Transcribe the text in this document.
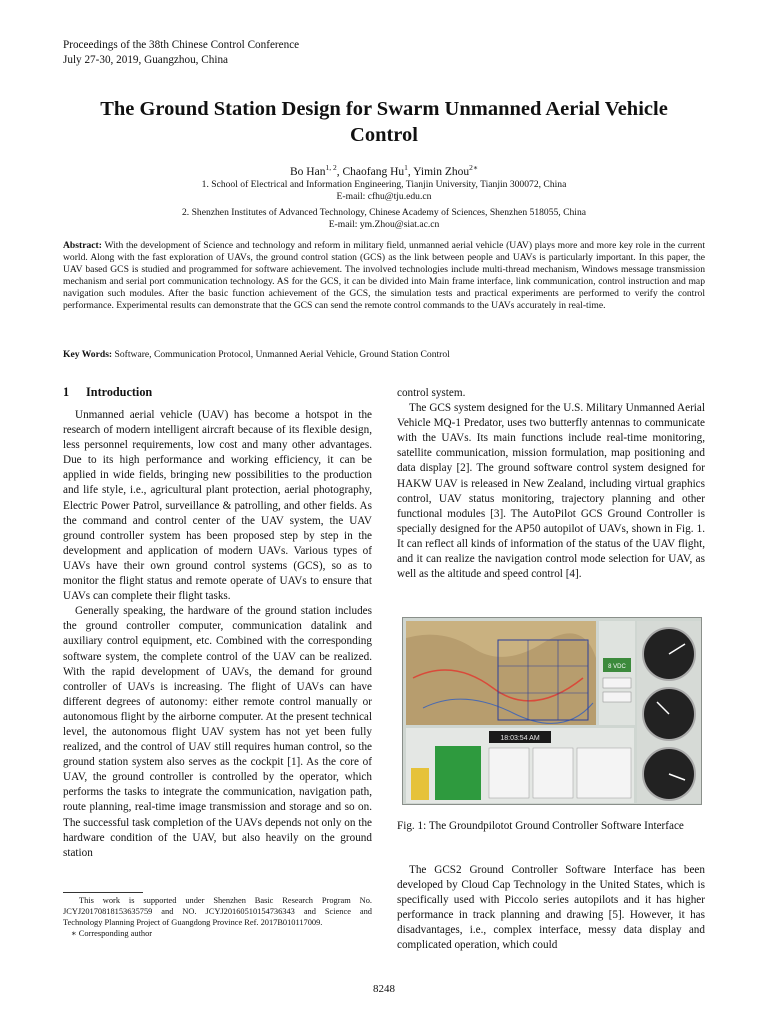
Proceedings of the 38th Chinese Control Conference
July 27-30, 2019, Guangzhou, China
The Ground Station Design for Swarm Unmanned Aerial Vehicle
Control
Bo Han$^{1, 2}$, Chaofang Hu$^1$, Yimin Zhou$^{2∗}$
1. School of Electrical and Information Engineering, Tianjin University, Tianjin 300072, China
E-mail: cfhu@tju.edu.cn
2. Shenzhen Institutes of Advanced Technology, Chinese Academy of Sciences, Shenzhen 518055, China
E-mail: ym.Zhou@siat.ac.cn
Abstract: With the development of Science and technology and reform in military field, unmanned aerial vehicle (UAV) plays more and more key role in the current world. Along with the fast exploration of UAVs, the ground control station (GCS) as the link between people and UAVs is particularly important. In this paper, the UAV based GCS is studied and programmed for software achievement. The involved technologies include multi-thread mechanism, Windows message transmission mechanism and serial port communication technology. AS for the GCS, it can be divided into Main frame interface, link communication, control instruction and map navigation such modules. After the basic function achievement of the GCS, the simulation tests and practical experiments are performed to verify the control performance. Experimental results can demonstrate that the GCS can send the remote control commands to the UAVs accurately in real-time.
Key Words: Software, Communication Protocol, Unmanned Aerial Vehicle, Ground Station Control
1 Introduction

Unmanned aerial vehicle (UAV) has become a hotspot in the research of modern intelligent aircraft because of its flexible design, less personnel requirements, low cost and many other advantages. Due to its high performance and working efficiency, it can be applied in wide fields, bringing new possibilities to the production and life style, i.e., agricultural plant protection, aerial photography, Electric Power Patrol, surveillance & patrolling, and other fields. As the command and control center of the UAV system, the UAV ground controller system has been proposed step by step in the development and application of modern UAVs. Various types of UAVs have their own ground control systems (GCS), so as to monitor the flight status and remote operate of UAVs to ensure that UAVs can complete their flight tasks.

Generally speaking, the hardware of the ground station includes the ground controller computer, communication datalink and auxiliary control equipment, etc. Combined with the corresponding software system, the complete control of the UAV can be realized. With the rapid development of UAVs, the demand for ground controller of UAVs is increasing. The flight of UAVs can have different degrees of autonomy: either remote control manually or autonomous flight by the airborne computer. At the present technical level, the autonomous flight UAV system has not yet been fully realized, and the control of UAV still requires human control, so the ground station system also serves as the cockpit [1]. As the core of UAV, the ground controller is controlled by the operator, which performs the tasks to integrate the communication, navigation path, route planning, real-time image transmission and storage and so on. The successful task completion of the UAVs depends not only on the hardware condition of the UAV, but also heavily on the ground station

This work is supported under Shenzhen Basic Research Program No. JCYJ20170818153635759 and NO. JCYJ20160510154736343 and Science and Technology Planning Project of Guangdong Province Ref. 2017B010117009.

∗ Corresponding author

control system.

The GCS system designed for the U.S. Military Unmanned Aerial Vehicle MQ-1 Predator, uses two butterfly antennas to communicate with the UAVs. Its main functions include real-time monitoring, satellite communication, mission formulation, map positioning and data display [2]. The ground software control system designed for HAKW UAV is released in New Zealand, including virtual graphics control, UAV status monitoring, trajectory planning and other functional modules [3]. The AutoPilot GCS Ground Controller is specially designed for the AP50 autopilot of UAVs, shown in Fig. 1. It can reflect all kinds of information of the status of the UAV flight, and it can realize the navigation control mode selection for UAV, as well as the altitude and speed control [4].

8 VDC
18:03:54 AM
Fig. 1: The Groundpilotot Ground Controller Software Interface

The GCS2 Ground Controller Software Interface has been developed by Cloud Cap Technology in the United States, which is specifically used with Piccolo series autopilots and it has higher performance in track planning and drawing [5]. However, it has disadvantages, i.e., complex interface, messy data display and complicated operation, which could

8248
